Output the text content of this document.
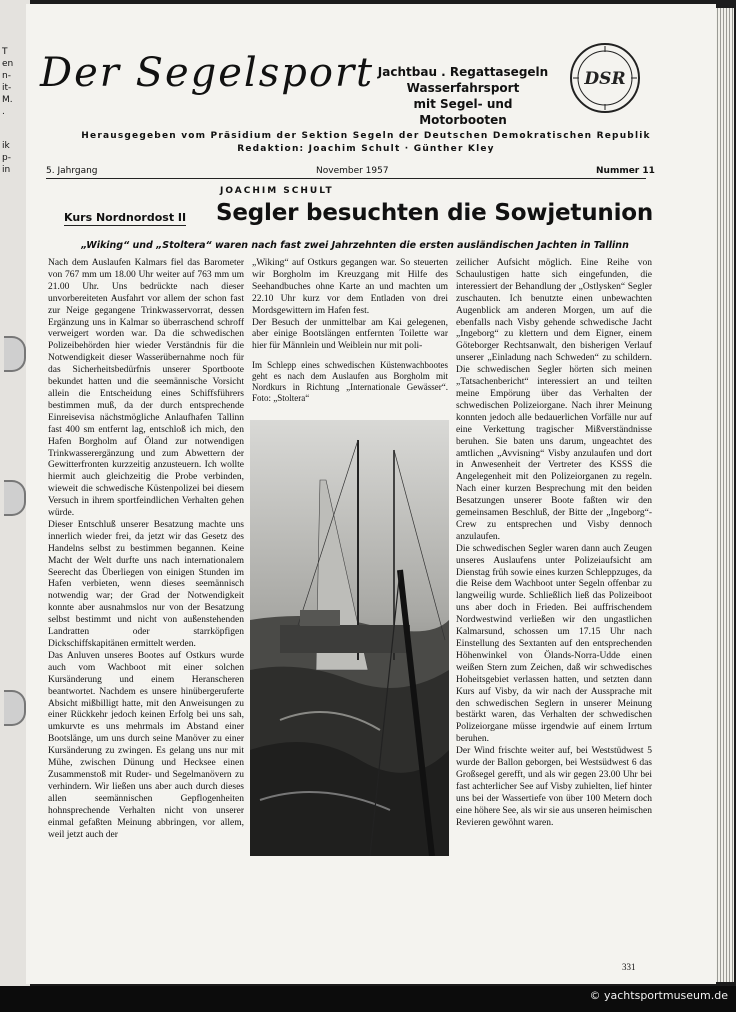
T
en
n-
it-
M.
.
ik
p-
in
Der Segelsport Jachtbau . Regattasegeln
Wasserfahrsport
mit Segel- und Motorbooten
DSR
Herausgegeben vom Präsidium der Sektion Segeln der Deutschen Demokratischen Republik
Redaktion: Joachim Schult · Günther Kley
5. Jahrgang	November 1957	Nummer 11
JOACHIM SCHULT
Kurs Nordnordost II Segler besuchten die Sowjetunion
„Wiking“ und „Stoltera“ waren nach fast zwei Jahrzehnten die ersten ausländischen Jachten in Tallinn

Nach dem Auslaufen Kalmars fiel das Barometer von 767 mm um 18.00 Uhr weiter auf 763 mm um 21.00 Uhr. Uns bedrückte nach dieser unvorbereiteten Ausfahrt vor allem der schon fast zur Neige gegangene Trinkwasservorrat, dessen Ergänzung uns in Kalmar so überraschend schroff verweigert worden war. Da die schwedischen Polizeibehörden hier wieder Verständnis für die Notwendigkeit dieser Wasserübernahme noch für das Sicherheitsbedürfnis unserer Sportboote bekundet hatten und die seemännische Vorsicht allein die Entscheidung eines Schiffsführers bestimmen muß, da der durch entsprechende Einreisevisa nächstmögliche Anlaufhafen Tallinn fast 400 sm entfernt lag, entschloß ich mich, den Hafen Borgholm auf Öland zur notwendigen Trinkwasserergänzung und zum Abwettern der Gewitterfronten kurzzeitig anzusteuern. Ich wollte hiermit auch gleichzeitig die Probe verbinden, wieweit die schwedische Küstenpolizei bei diesem Versuch in ihrem sportfeindlichen Verhalten gehen würde.

Dieser Entschluß unserer Besatzung machte uns innerlich wieder frei, da jetzt wir das Gesetz des Handelns selbst zu bestimmen begannen. Keine Macht der Welt durfte uns nach internationalem Seerecht das Überliegen von einigen Stunden im Hafen verbieten, wenn dieses seemännisch notwendig war; der Grad der Notwendigkeit konnte aber ausnahmslos nur von der Besatzung selbst bestimmt und nicht von außenstehenden Landratten oder starrköpfigen Dickschiffskapitänen ermittelt werden.

Das Anluven unseres Bootes auf Ostkurs wurde auch vom Wachboot mit einer solchen Kursänderung und einem Heranscheren beantwortet. Nachdem es unsere hinübergeruferte Absicht mißbilligt hatte, mit den Anweisungen zu einer Rückkehr jedoch keinen Erfolg bei uns sah, umkurvte es uns mehrmals im Abstand einer Bootslänge, um uns durch seine Manöver zu einer Kursänderung zu zwingen. Es gelang uns nur mit Mühe, zwischen Dünung und Hecksee einen Zusammenstoß mit Ruder- und Segelmanövern zu verhindern. Wir ließen uns aber auch durch dieses allen seemännischen Gepflogenheiten hohnsprechende Verhalten nicht von unserer einmal gefaßten Meinung abbringen, vor allem, weil jetzt auch der

„Wiking“ auf Ostkurs gegangen war. So steuerten wir Borgholm im Kreuzgang mit Hilfe des Seehandbuches ohne Karte an und machten um 22.10 Uhr kurz vor dem Entladen von drei Mordsgewittern im Hafen fest.

Der Besuch der unmittelbar am Kai gelegenen, aber einige Bootslängen entfernten Toilette war hier für Männlein und Weiblein nur mit poli-

Im Schlepp eines schwedischen Küstenwachbootes geht es nach dem Auslaufen aus Borgholm mit Nordkurs in Richtung „Internationale Gewässer“. Foto: „Stoltera“

zeilicher Aufsicht möglich. Eine Reihe von Schaulustigen hatte sich eingefunden, die interessiert der Behandlung der „Ostlysken“ Segler zuschauten. Ich benutzte einen unbewachten Augenblick am anderen Morgen, um auf die ebenfalls nach Visby gehende schwedische Jacht „Ingeborg“ zu klettern und dem Eigner, einem Göteborger Rechtsanwalt, den bisherigen Verlauf unserer „Einladung nach Schweden“ zu schildern. Die schwedischen Segler hörten sich meinen „Tatsachenbericht“ interessiert an und teilten meine Empörung über das Verhalten der schwedischen Polizeiorgane. Nach ihrer Meinung konnten jedoch alle bedauerlichen Vorfälle nur auf eine Verkettung tragischer Mißverständnisse beruhen. Sie baten uns darum, ungeachtet des amtlichen „Avvisning“ Visby anzulaufen und dort in Anwesenheit der Vertreter des KSSS die Angelegenheit mit den Polizeiorganen zu regeln. Nach einer kurzen Besprechung mit den beiden Besatzungen unserer Boote faßten wir den gemeinsamen Beschluß, der Bitte der „Ingeborg“-Crew zu entsprechen und Visby dennoch anzulaufen.

Die schwedischen Segler waren dann auch Zeugen unseres Auslaufens unter Polizeiaufsicht am Dienstag früh sowie eines kurzen Schleppzuges, da die Reise dem Wachboot unter Segeln offenbar zu langweilig wurde. Schließlich ließ das Polizeiboot uns aber doch in Frieden. Bei auffrischendem Nordwestwind verließen wir den ungastlichen Kalmarsund, schossen um 17.15 Uhr nach Einstellung des Sextanten auf den entsprechenden Höhenwinkel von Ölands-Norra-Udde einen weißen Stern zum Zeichen, daß wir schwedisches Hoheitsgebiet verlassen hatten, und setzten dann Kurs auf Visby, da wir nach der Aussprache mit den schwedischen Seglern in unserer Meinung bestärkt waren, das Verhalten der schwedischen Polizeiorgane müsse irgendwie auf einem Irrtum beruhen.

Der Wind frischte weiter auf, bei Weststüdwest 5 wurde der Ballon geborgen, bei Westsüdwest 6 das Großsegel gerefft, und als wir gegen 23.00 Uhr bei fast achterlicher See auf Visby zuhielten, lief hinter uns bei der Wassertiefe von über 100 Metern doch eine höhere See, als wir sie aus unseren heimischen Revieren gewöhnt waren.

331
© yachtsportmuseum.de
